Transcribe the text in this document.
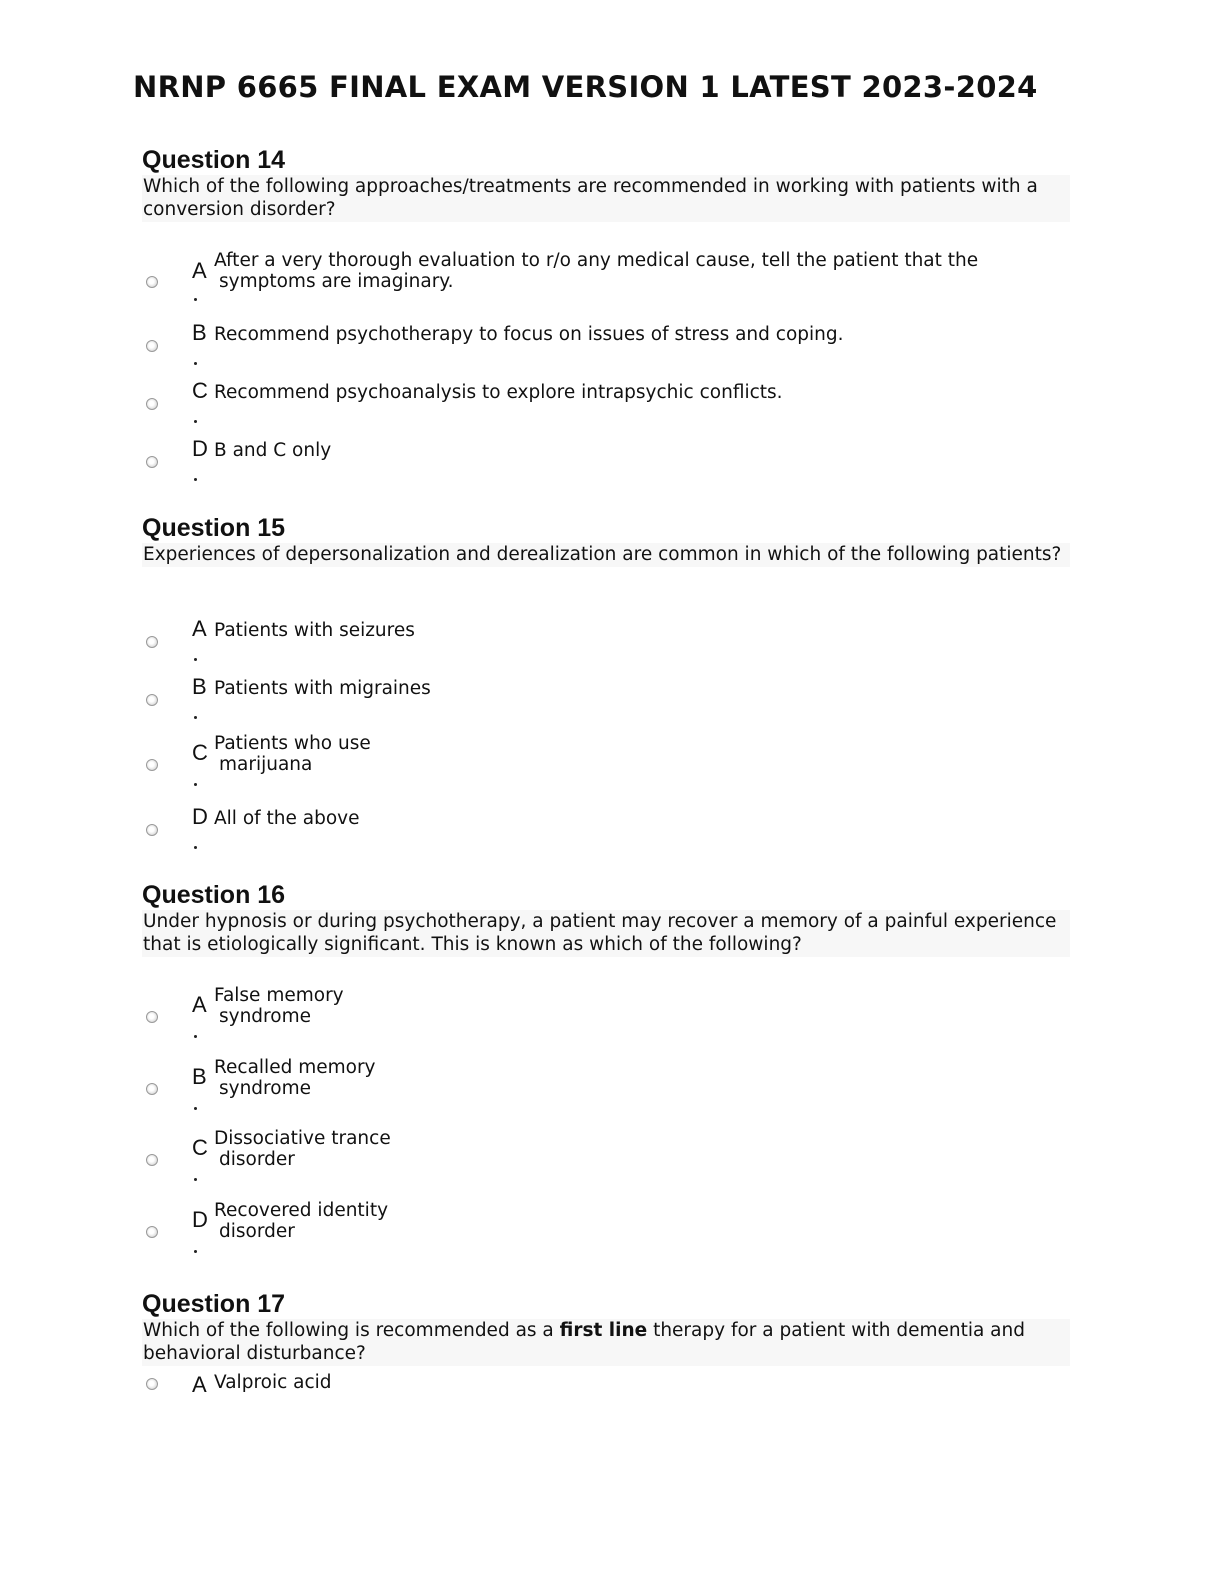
NRNP 6665 FINAL EXAM VERSION 1 LATEST 2023-2024
Question 14

Which of the following approaches/treatments are recommended in working with patients with a conversion disorder?

A After a very thorough evaluation to r/o any medical cause, tell the patient that the
symptoms are imaginary.
B Recommend psychotherapy to focus on issues of stress and coping.
C Recommend psychoanalysis to explore intrapsychic conflicts.
D B and C only
Question 15

Experiences of depersonalization and derealization are common in which of the following patients?

A Patients with seizures
B Patients with migraines
C Patients who use
marijuana
D All of the above
Question 16

Under hypnosis or during psychotherapy, a patient may recover a memory of a painful experience that is etiologically significant. This is known as which of the following?

A False memory
syndrome
B Recalled memory
syndrome
C Dissociative trance
disorder
D Recovered identity
disorder
Question 17

Which of the following is recommended as a first line therapy for a patient with dementia and behavioral disturbance?

A Valproic acid
